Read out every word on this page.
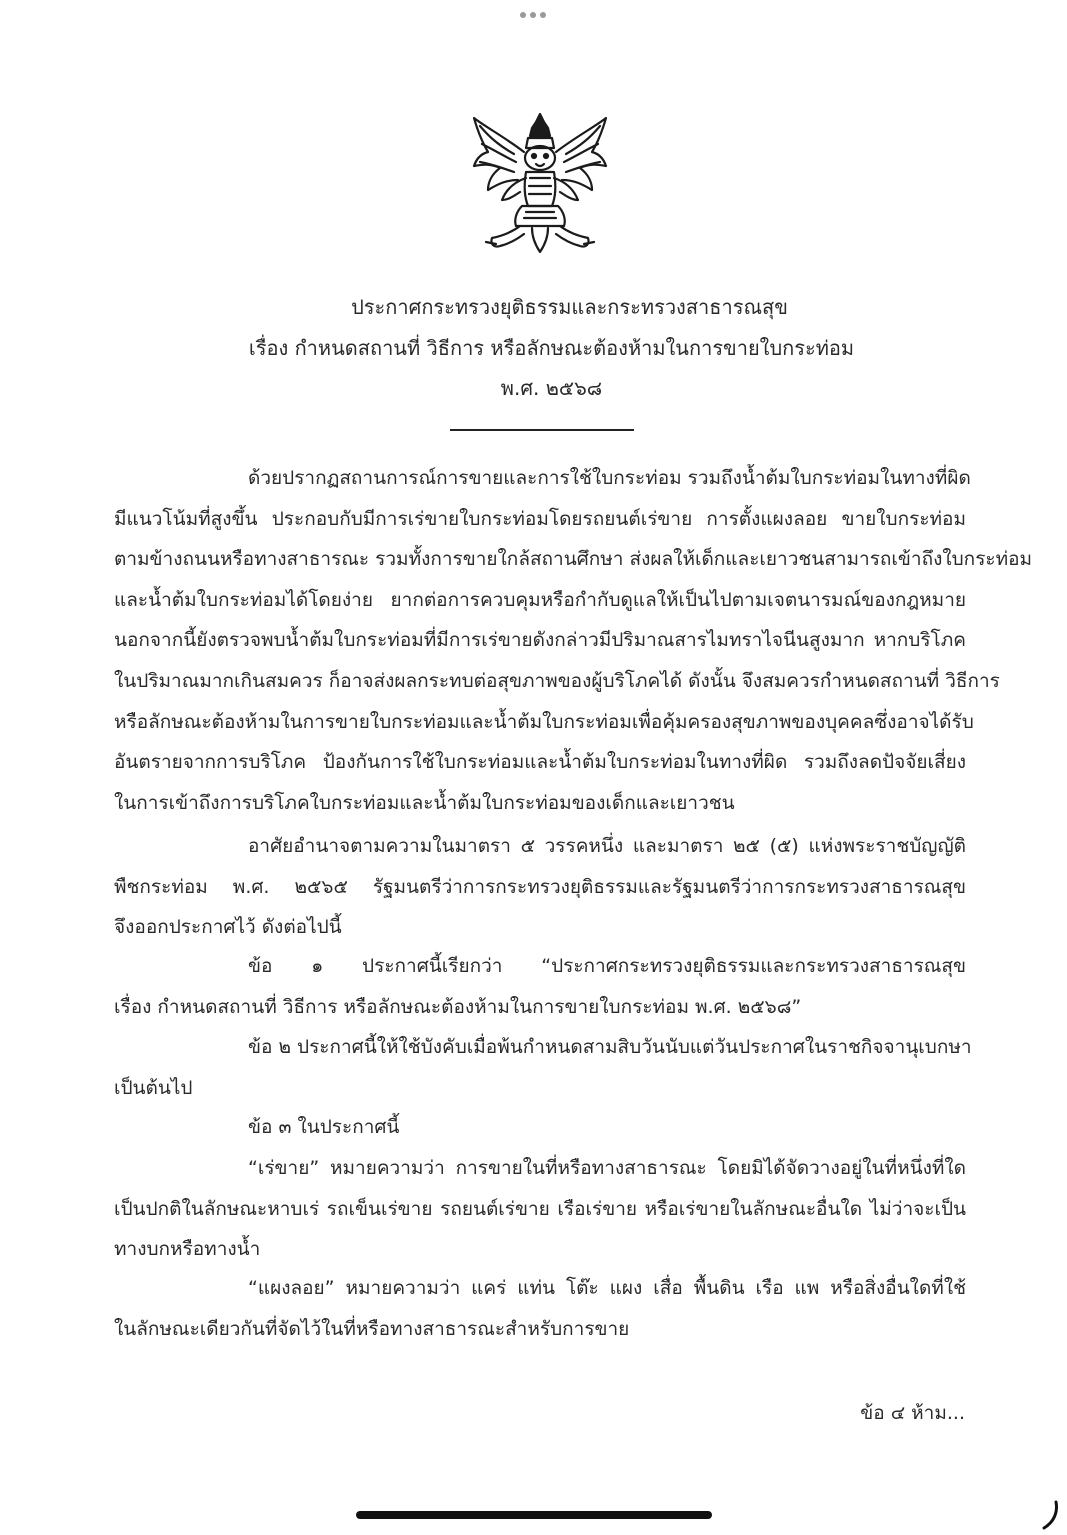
ประกาศกระทรวงยุติธรรมและกระทรวงสาธารณสุข
เรื่อง กำหนดสถานที่ วิธีการ หรือลักษณะต้องห้ามในการขายใบกระท่อม
พ.ศ. ๒๕๖๘
ด้วยปรากฏสถานการณ์การขายและการใช้ใบกระท่อม รวมถึงน้ำต้มใบกระท่อมในทางที่ผิด
มีแนวโน้มที่สูงขึ้น ประกอบกับมีการเร่ขายใบกระท่อมโดยรถยนต์เร่ขาย การตั้งแผงลอย ขายใบกระท่อม
ตามข้างถนนหรือทางสาธารณะ รวมทั้งการขายใกล้สถานศึกษา ส่งผลให้เด็กและเยาวชนสามารถเข้าถึงใบกระท่อม
และน้ำต้มใบกระท่อมได้โดยง่าย ยากต่อการควบคุมหรือกำกับดูแลให้เป็นไปตามเจตนารมณ์ของกฎหมาย
นอกจากนี้ยังตรวจพบน้ำต้มใบกระท่อมที่มีการเร่ขายดังกล่าวมีปริมาณสารไมทราไจนีนสูงมาก หากบริโภค
ในปริมาณมากเกินสมควร ก็อาจส่งผลกระทบต่อสุขภาพของผู้บริโภคได้ ดังนั้น จึงสมควรกำหนดสถานที่ วิธีการ
หรือลักษณะต้องห้ามในการขายใบกระท่อมและน้ำต้มใบกระท่อมเพื่อคุ้มครองสุขภาพของบุคคลซึ่งอาจได้รับ
อันตรายจากการบริโภค ป้องกันการใช้ใบกระท่อมและน้ำต้มใบกระท่อมในทางที่ผิด รวมถึงลดปัจจัยเสี่ยง
ในการเข้าถึงการบริโภคใบกระท่อมและน้ำต้มใบกระท่อมของเด็กและเยาวชน
อาศัยอำนาจตามความในมาตรา ๕ วรรคหนึ่ง และมาตรา ๒๕ (๕) แห่งพระราชบัญญัติ
พืชกระท่อม พ.ศ. ๒๕๖๕ รัฐมนตรีว่าการกระทรวงยุติธรรมและรัฐมนตรีว่าการกระทรวงสาธารณสุข
จึงออกประกาศไว้ ดังต่อไปนี้
ข้อ ๑ ประกาศนี้เรียกว่า “ประกาศกระทรวงยุติธรรมและกระทรวงสาธารณสุข
เรื่อง กำหนดสถานที่ วิธีการ หรือลักษณะต้องห้ามในการขายใบกระท่อม พ.ศ. ๒๕๖๘”
ข้อ ๒ ประกาศนี้ให้ใช้บังคับเมื่อพ้นกำหนดสามสิบวันนับแต่วันประกาศในราชกิจจานุเบกษา
เป็นต้นไป
ข้อ ๓ ในประกาศนี้
“เร่ขาย” หมายความว่า การขายในที่หรือทางสาธารณะ โดยมิได้จัดวางอยู่ในที่หนึ่งที่ใด
เป็นปกติในลักษณะหาบเร่ รถเข็นเร่ขาย รถยนต์เร่ขาย เรือเร่ขาย หรือเร่ขายในลักษณะอื่นใด ไม่ว่าจะเป็น
ทางบกหรือทางน้ำ
“แผงลอย” หมายความว่า แคร่ แท่น โต๊ะ แผง เสื่อ พื้นดิน เรือ แพ หรือสิ่งอื่นใดที่ใช้
ในลักษณะเดียวกันที่จัดไว้ในที่หรือทางสาธารณะสำหรับการขาย
ข้อ ๔ ห้าม...
